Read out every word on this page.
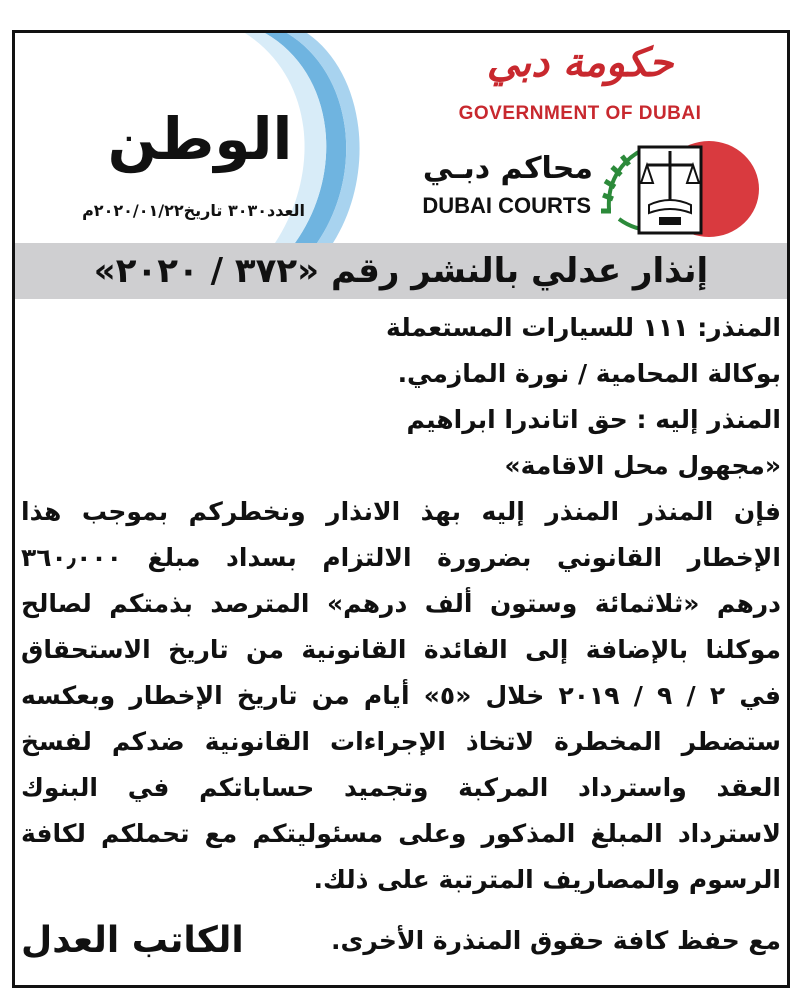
الوطن
العدد٣٠٣٠ تاريخ٢٠٢٠/٠١/٢٢م
حكومة دبي
GOVERNMENT OF DUBAI
محاكم دبـي
DUBAI COURTS
إنذار عدلي بالنشر رقم «٣٧٢ / ٢٠٢٠»
المنذر: ١١١ للسيارات المستعملة
بوكالة المحامية / نورة المازمي.
المنذر إليه : حق اتاندرا ابراهيم
«مجهول محل الاقامة»
فإن المنذر المنذر إليه بهذ الانذار ونخطركم بموجب هذا
الإخطار القانوني بضرورة الالتزام بسداد مبلغ ٣٦٠٫٠٠٠
درهم «ثلاثمائة وستون ألف درهم» المترصد بذمتكم لصالح
موكلنا بالإضافة إلى الفائدة القانونية من تاريخ الاستحقاق
في ٢ / ٩ / ٢٠١٩ خلال «٥» أيام من تاريخ الإخطار وبعكسه
ستضطر المخطرة لاتخاذ الإجراءات القانونية ضدكم لفسخ
العقد واسترداد المركبة وتجميد حساباتكم في البنوك
لاسترداد المبلغ المذكور وعلى مسئوليتكم مع تحملكم لكافة
الرسوم والمصاريف المترتبة على ذلك.
مع حفظ كافة حقوق المنذرة الأخرى.
الكاتب العدل
